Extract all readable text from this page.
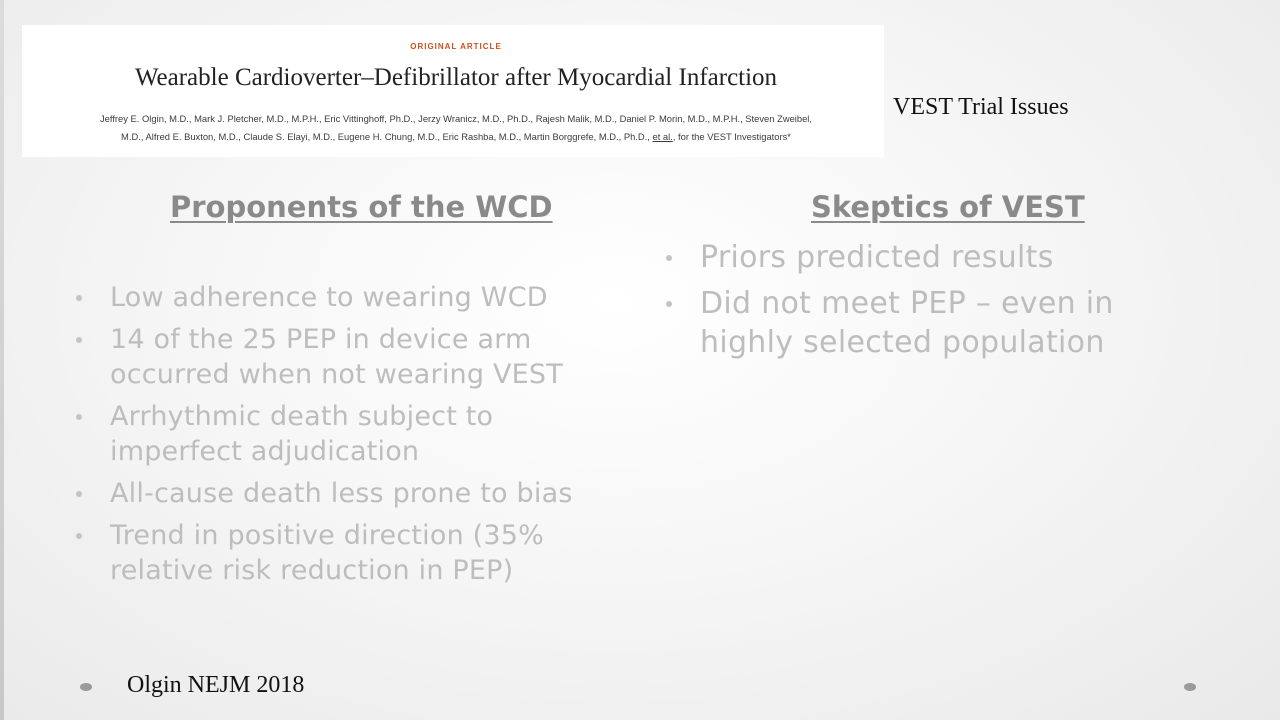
ORIGINAL ARTICLE
Wearable Cardioverter–Defibrillator after Myocardial Infarction
Jeffrey E. Olgin, M.D., Mark J. Pletcher, M.D., M.P.H., Eric Vittinghoff, Ph.D., Jerzy Wranicz, M.D., Ph.D., Rajesh Malik, M.D., Daniel P. Morin, M.D., M.P.H., Steven Zweibel,
M.D., Alfred E. Buxton, M.D., Claude S. Elayi, M.D., Eugene H. Chung, M.D., Eric Rashba, M.D., Martin Borggrefe, M.D., Ph.D., et al., for the VEST Investigators*
VEST Trial Issues
Proponents of the WCD	Skeptics of VEST
Low adherence to wearing WCD
14 of the 25 PEP in device arm occurred when not wearing VEST
Arrhythmic death subject to imperfect adjudication
All-cause death less prone to bias
Trend in positive direction (35% relative risk reduction in PEP)
Priors predicted results
Did not meet PEP – even in highly selected population
Olgin NEJM 2018
